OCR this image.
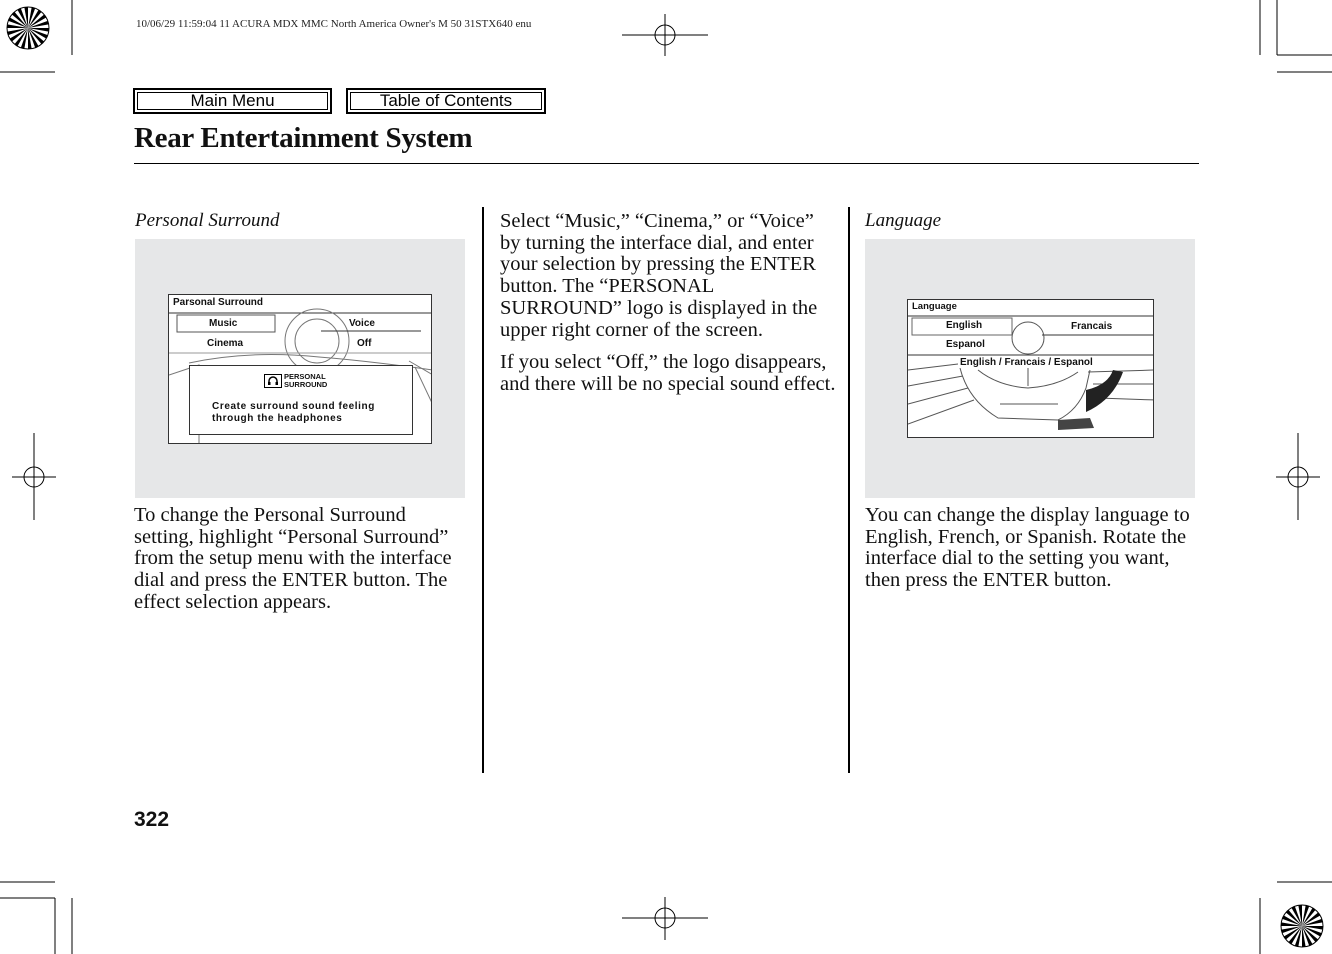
10/06/29 11:59:04 11 ACURA MDX MMC North America Owner's M 50 31STX640 enu
Main Menu	Table of Contents
Rear Entertainment System
Personal Surround
Parsonal Surround
Music	Voice
Cinema	Off
PERSONAL
SURROUND
Create surround sound feeling
through the headphones
To change the Personal Surround setting, highlight “Personal Surround” from the setup menu with the interface dial and press the ENTER button. The effect selection appears.
Select “Music,” “Cinema,” or “Voice” by turning the interface dial, and enter your selection by pressing the ENTER button. The “PERSONAL SURROUND” logo is displayed in the upper right corner of the screen.
If you select “Off,” the logo disappears, and there will be no special sound effect.
Language
Language
English	Francais
Espanol
English / Francais / Espanol
You can change the display language to English, French, or Spanish. Rotate the interface dial to the setting you want, then press the ENTER button.
322
